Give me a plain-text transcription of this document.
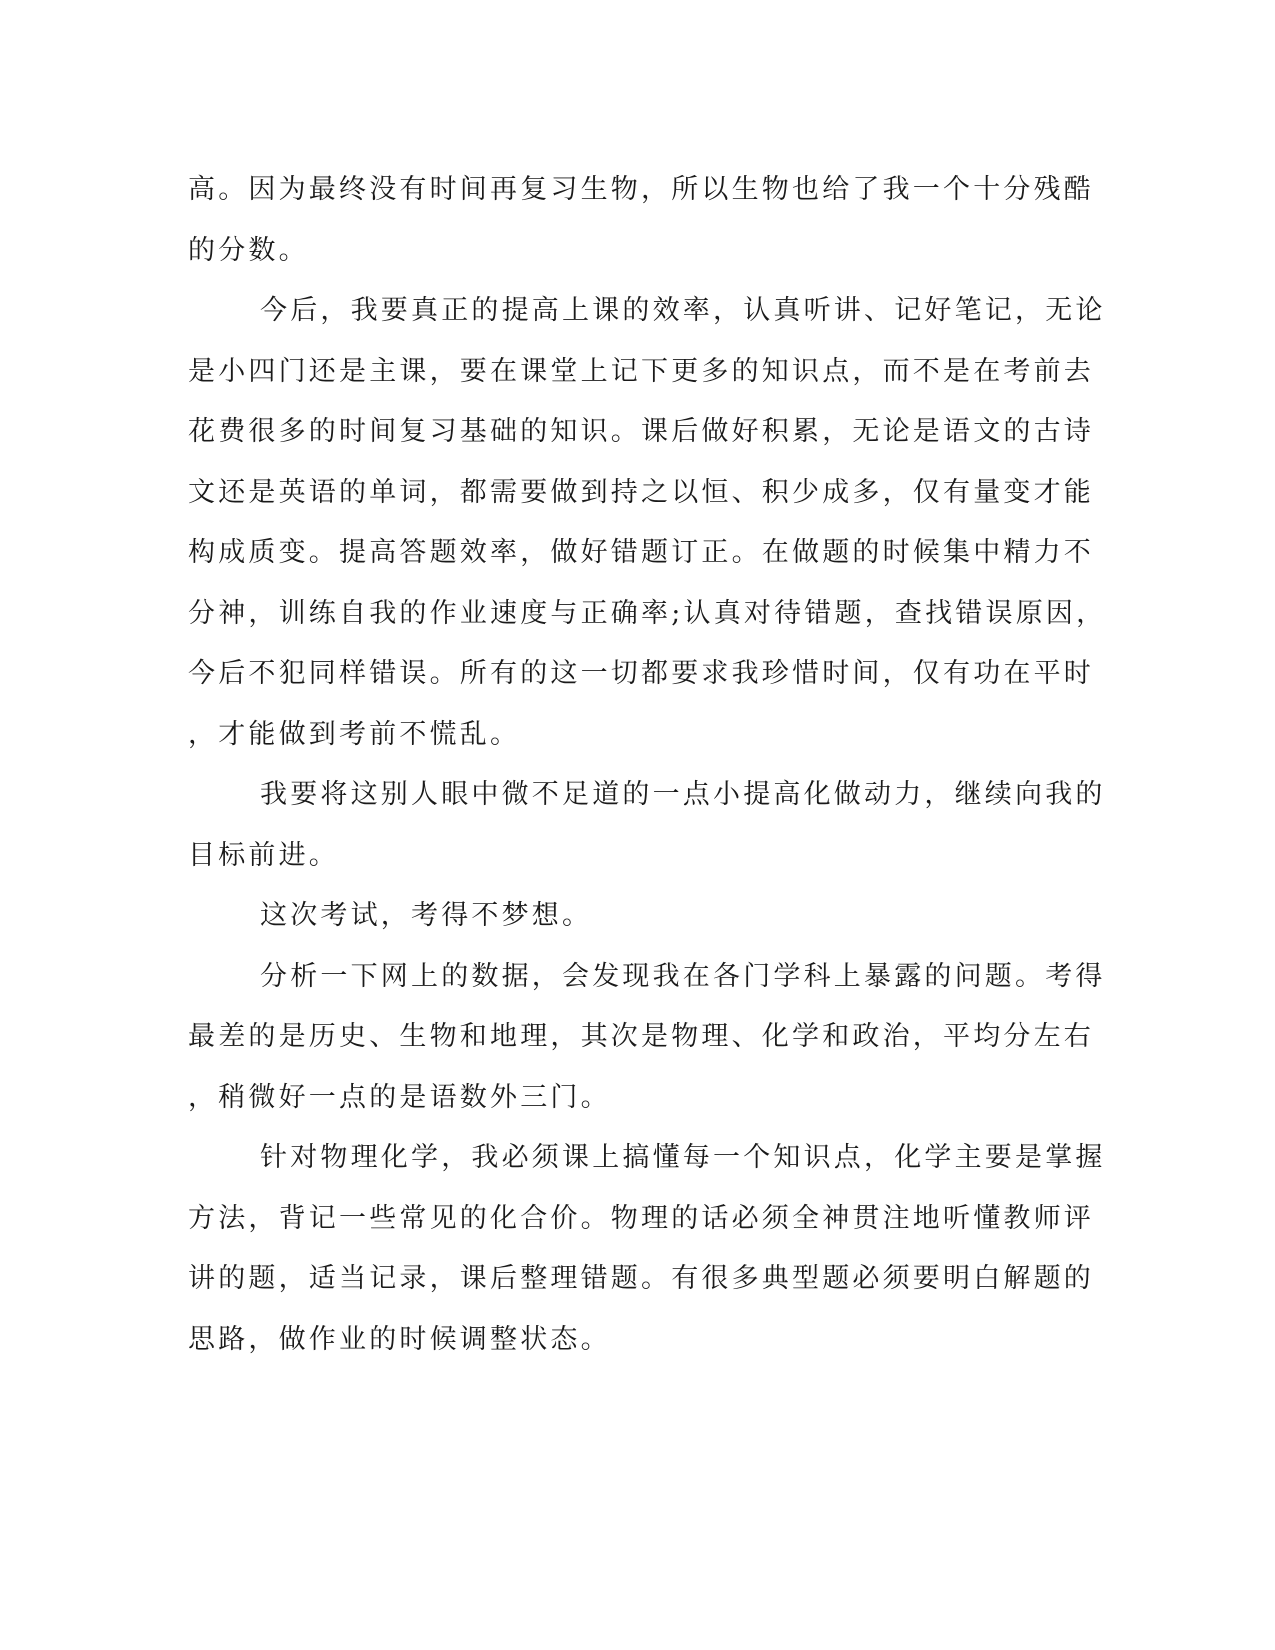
高。因为最终没有时间再复习生物，所以生物也给了我一个十分残酷
的分数。
今后，我要真正的提高上课的效率，认真听讲、记好笔记，无论
是小四门还是主课，要在课堂上记下更多的知识点，而不是在考前去
花费很多的时间复习基础的知识。课后做好积累，无论是语文的古诗
文还是英语的单词，都需要做到持之以恒、积少成多，仅有量变才能
构成质变。提高答题效率，做好错题订正。在做题的时候集中精力不
分神，训练自我的作业速度与正确率;认真对待错题，查找错误原因，
今后不犯同样错误。所有的这一切都要求我珍惜时间，仅有功在平时
，才能做到考前不慌乱。
我要将这别人眼中微不足道的一点小提高化做动力，继续向我的
目标前进。
这次考试，考得不梦想。
分析一下网上的数据，会发现我在各门学科上暴露的问题。考得
最差的是历史、生物和地理，其次是物理、化学和政治，平均分左右
，稍微好一点的是语数外三门。
针对物理化学，我必须课上搞懂每一个知识点，化学主要是掌握
方法，背记一些常见的化合价。物理的话必须全神贯注地听懂教师评
讲的题，适当记录，课后整理错题。有很多典型题必须要明白解题的
思路，做作业的时候调整状态。
